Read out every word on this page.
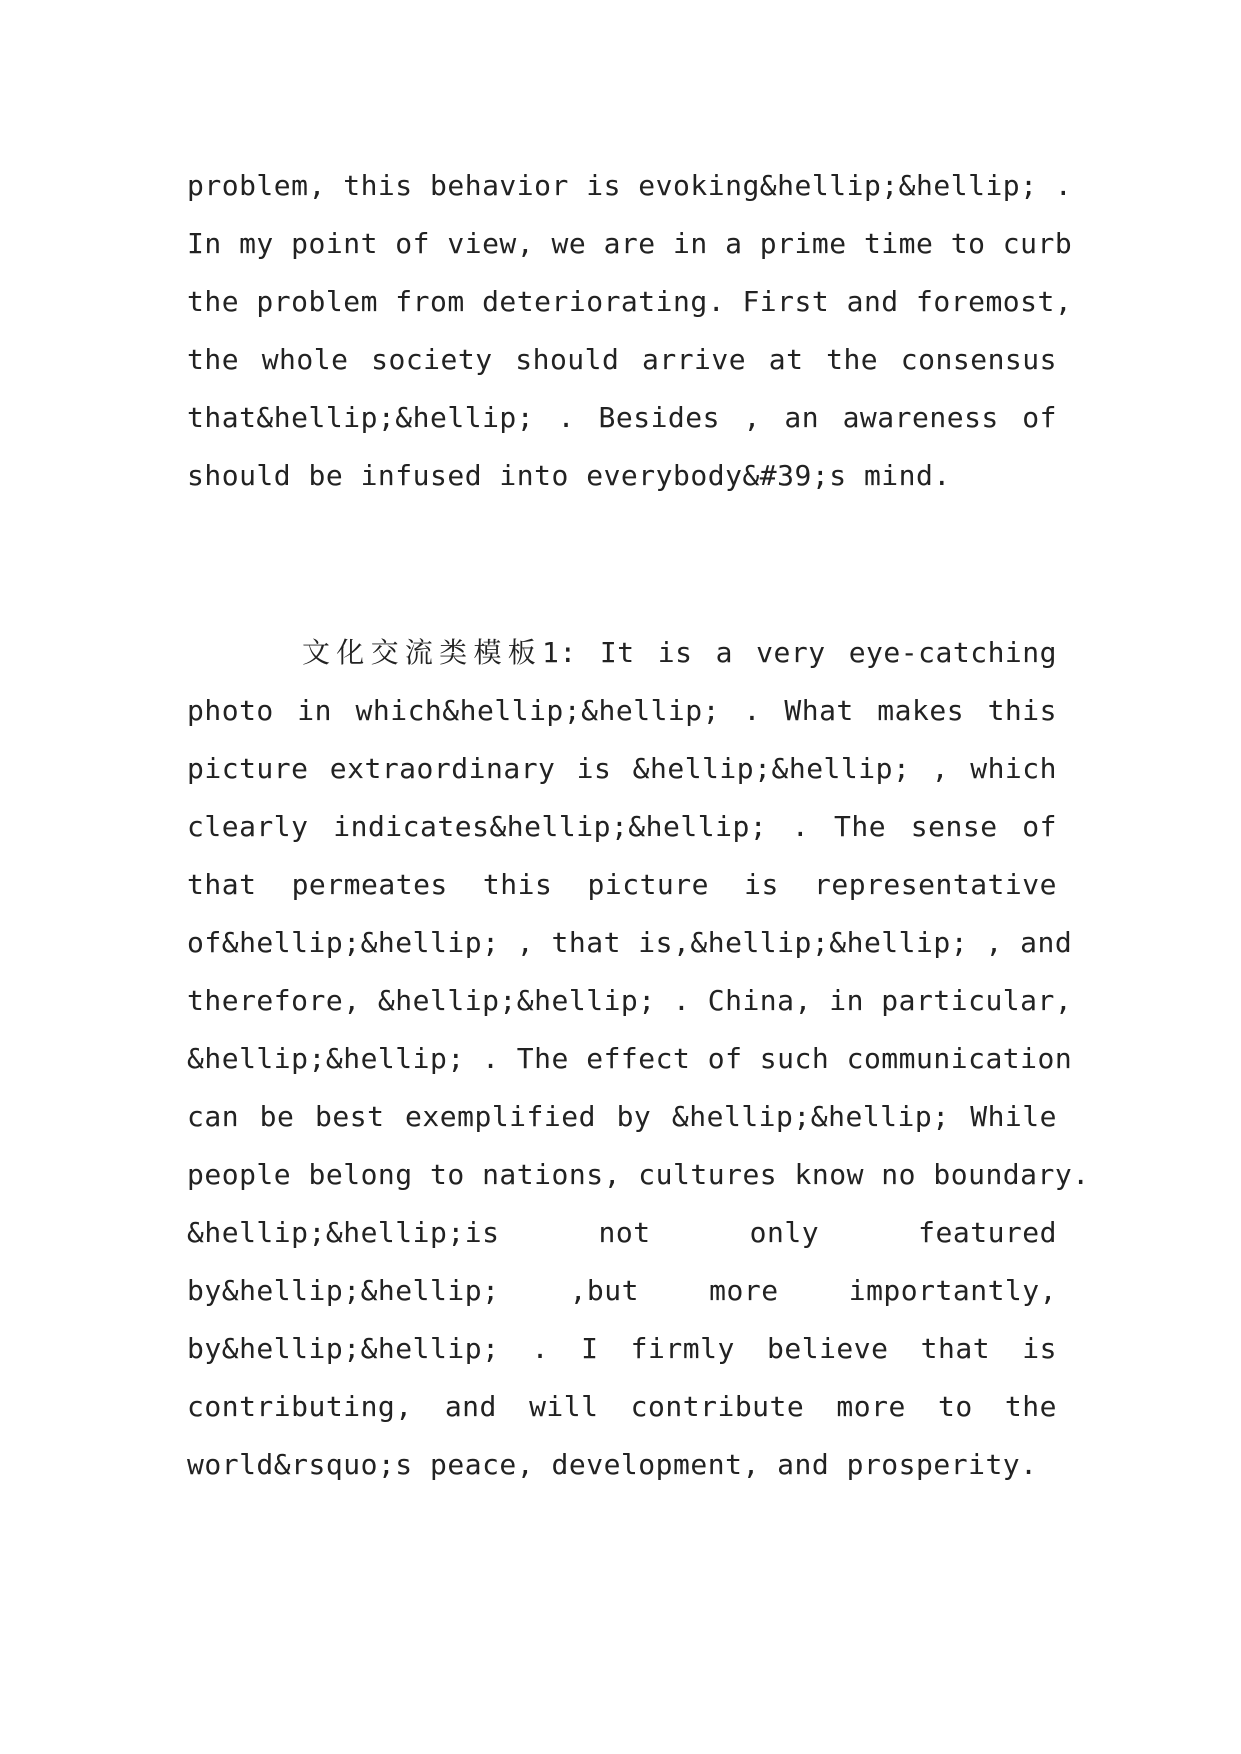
problem, this behavior is evoking&hellip;&hellip; .
In my point of view, we are in a prime time to curb
the problem from deteriorating. First and foremost,
the whole society should arrive at the consensus
that&hellip;&hellip; . Besides , an awareness of
should be infused into everybody&#39;s mind.
文化交流类模板1: It is a very eye-catching
photo in which&hellip;&hellip; . What makes this
picture extraordinary is &hellip;&hellip; , which
clearly indicates&hellip;&hellip; . The sense of
that permeates this picture is representative
of&hellip;&hellip; , that is,&hellip;&hellip; , and
therefore, &hellip;&hellip; . China, in particular,
&hellip;&hellip; . The effect of such communication
can be best exemplified by &hellip;&hellip; While
people belong to nations, cultures know no boundary.
&hellip;&hellip;is not only featured
by&hellip;&hellip; ,but more importantly,
by&hellip;&hellip; . I firmly believe that is
contributing, and will contribute more to the
world&rsquo;s peace, development, and prosperity.
